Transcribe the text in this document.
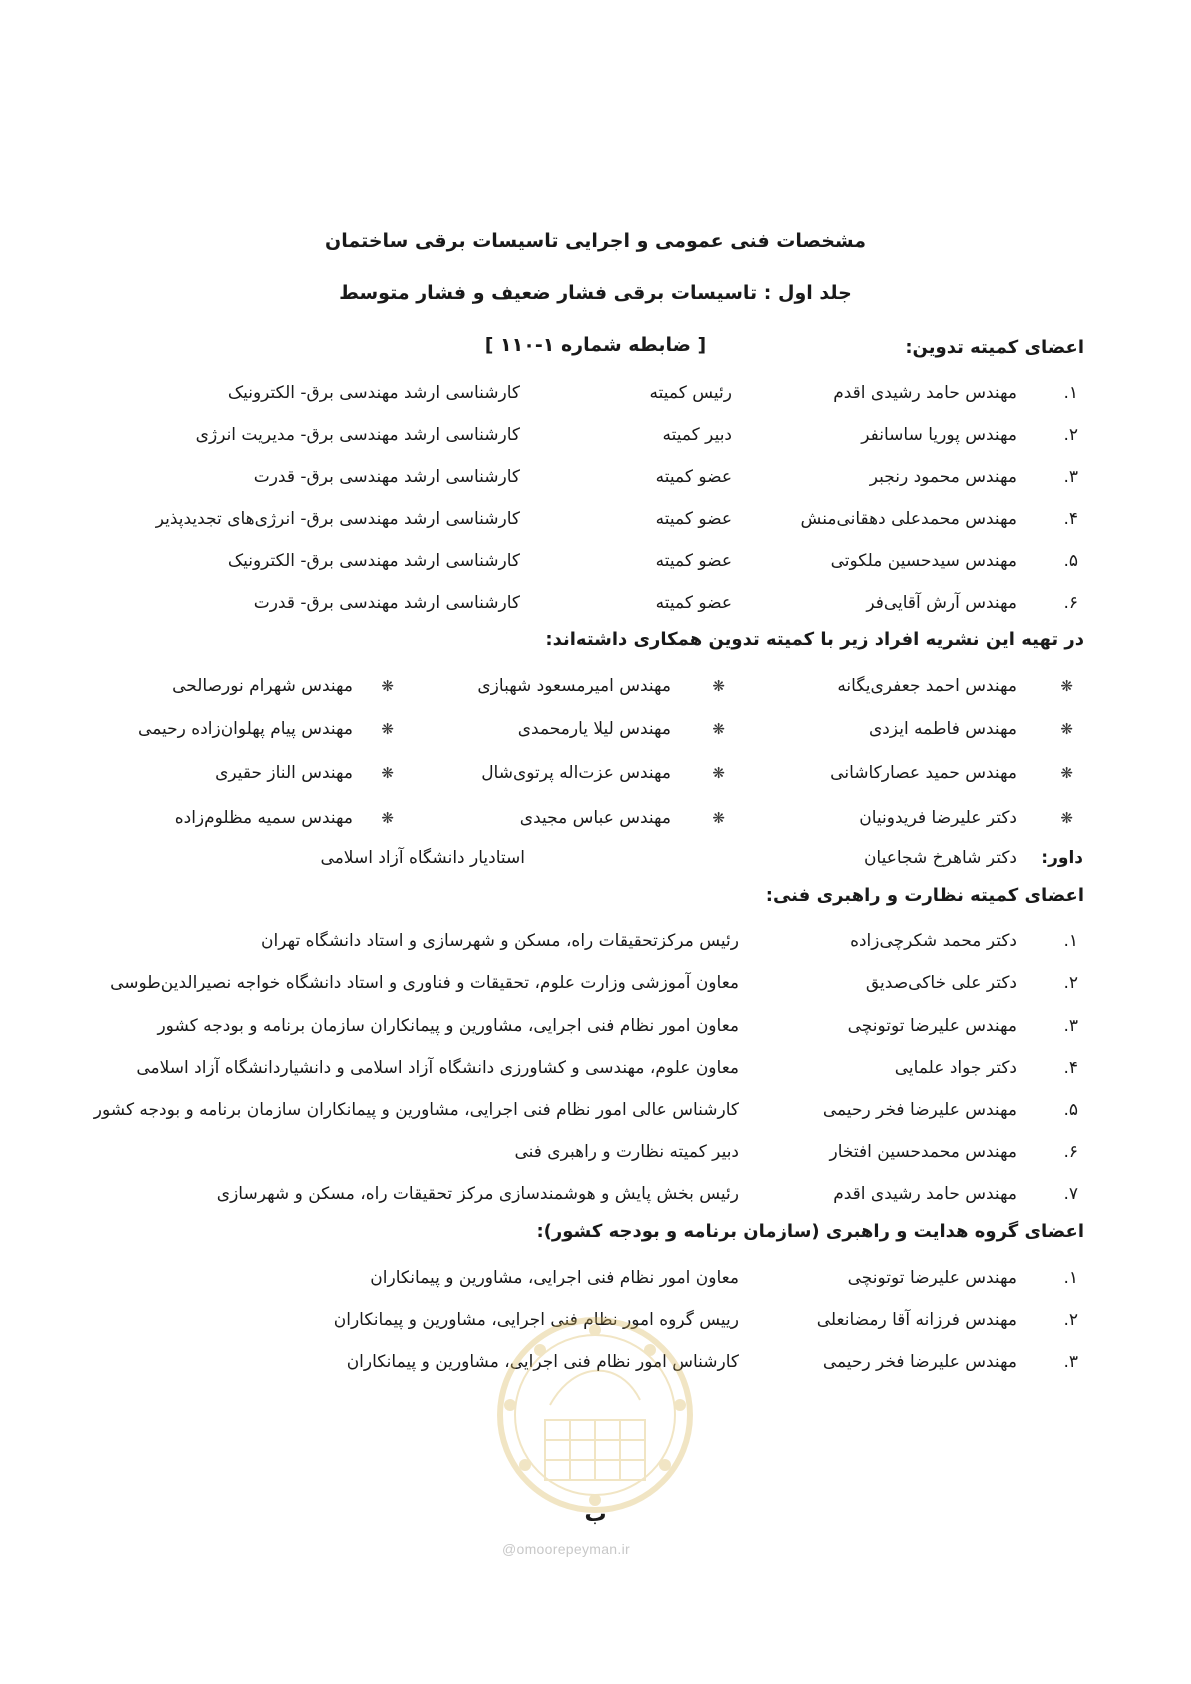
مشخصات فنی عمومی و اجرایی تاسیسات برقی ساختمان
جلد اول : تاسیسات برقی فشار ضعیف و فشار متوسط
[ ضابطه شماره ۱-۱۱۰ ]	اعضای کمیته تدوین:
۱.
مهندس حامد رشیدی اقدم
رئیس کمیته
کارشناسی ارشد مهندسی برق- الکترونیک
۲.
مهندس پوریا ساسانفر
دبیر کمیته
کارشناسی ارشد مهندسی برق- مدیریت انرژی
۳.
مهندس محمود رنجبر
عضو کمیته
کارشناسی ارشد مهندسی برق- قدرت
۴.
مهندس محمدعلی دهقانی‌منش
عضو کمیته
کارشناسی ارشد مهندسی برق- انرژی‌های تجدیدپذیر
۵.
مهندس سیدحسین ملکوتی
عضو کمیته
کارشناسی ارشد مهندسی برق- الکترونیک
۶.
مهندس آرش آقایی‌فر
عضو کمیته
کارشناسی ارشد مهندسی برق- قدرت
در تهیه این نشریه افراد زیر با کمیته تدوین همکاری داشته‌اند:
❋
مهندس احمد جعفری‌یگانه
❋
مهندس امیرمسعود شهبازی
❋
مهندس شهرام نورصالحی
❋
مهندس فاطمه ایزدی
❋
مهندس لیلا یارمحمدی
❋
مهندس پیام پهلوان‌زاده رحیمی
❋
مهندس حمید عصارکاشانی
❋
مهندس عزت‌اله پرتوی‌شال
❋
مهندس الناز حقیری
❋
دکتر علیرضا فریدونیان
❋
مهندس عباس مجیدی
❋
مهندس سمیه مظلوم‌زاده
داور:
دکتر شاهرخ شجاعیان
استادیار دانشگاه آزاد اسلامی
اعضای کمیته نظارت و راهبری فنی:
۱.
دکتر محمد شکرچی‌زاده
رئیس مرکزتحقیقات راه، مسکن و شهرسازی و استاد دانشگاه تهران
۲.
دکتر علی خاکی‌صدیق
معاون آموزشی وزارت علوم، تحقیقات و فناوری و استاد دانشگاه خواجه نصیرالدین‌طوسی
۳.
مهندس علیرضا توتونچی
معاون امور نظام فنی اجرایی، مشاورین و پیمانکاران سازمان برنامه و بودجه کشور
۴.
دکتر جواد علمایی
معاون علوم، مهندسی و کشاورزی دانشگاه آزاد اسلامی و دانشیاردانشگاه آزاد اسلامی
۵.
مهندس علیرضا فخر رحیمی
کارشناس عالی امور نظام فنی اجرایی، مشاورین و پیمانکاران سازمان برنامه و بودجه کشور
۶.
مهندس محمدحسین افتخار
دبیر کمیته نظارت و راهبری فنی
۷.
مهندس حامد رشیدی اقدم
رئیس بخش پایش و هوشمندسازی مرکز تحقیقات راه، مسکن و شهرسازی
اعضای گروه هدایت و راهبری (سازمان برنامه و بودجه کشور):
۱.
مهندس علیرضا توتونچی
معاون امور نظام فنی اجرایی، مشاورین و پیمانکاران
۲.
مهندس فرزانه آقا رمضانعلی
رییس گروه امور نظام فنی اجرایی، مشاورین و پیمانکاران
۳.
مهندس علیرضا فخر رحیمی
کارشناس امور نظام فنی اجرایی، مشاورین و پیمانکاران
ب
@omoorepeyman.ir
